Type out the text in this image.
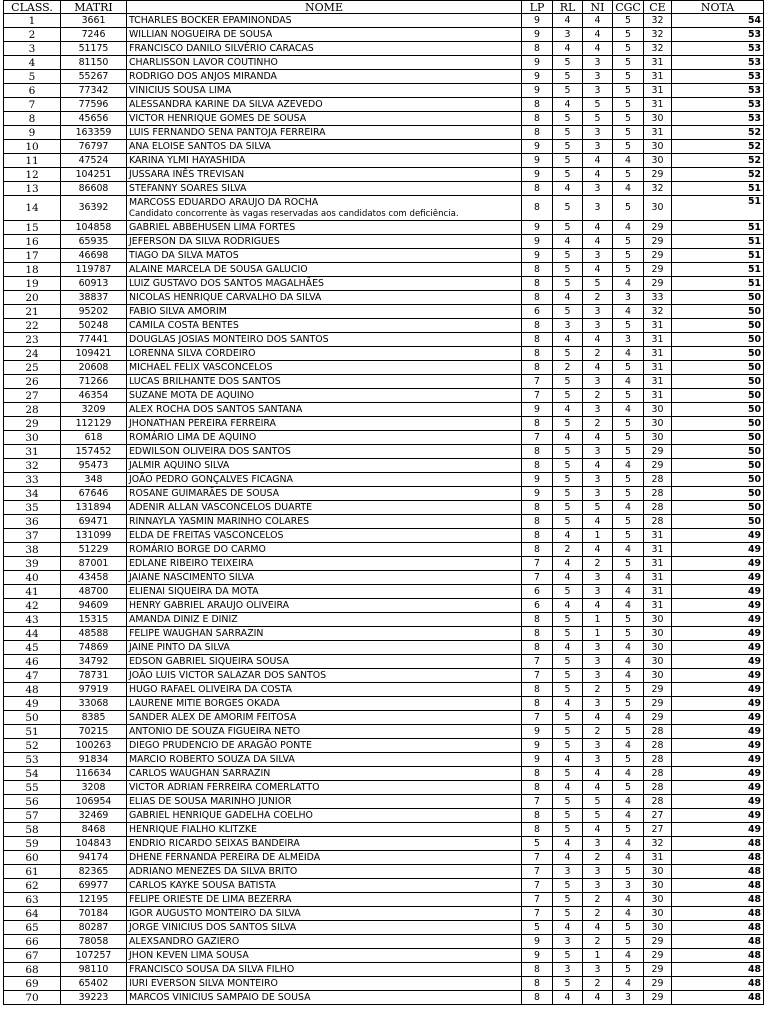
CLASS.	MATRI	NOME	LP	RL	NI	CGC	CE	NOTA
1	3661	TCHARLES BOCKER EPAMINONDAS	9	4	4	5	32	54
2	7246	WILLIAN NOGUEIRA DE SOUSA	9	3	4	5	32	53
3	51175	FRANCISCO DANILO SILVÉRIO CARACAS	8	4	4	5	32	53
4	81150	CHARLISSON LAVOR COUTINHO	9	5	3	5	31	53
5	55267	RODRIGO DOS ANJOS MIRANDA	9	5	3	5	31	53
6	77342	VINICIUS SOUSA LIMA	9	5	3	5	31	53
7	77596	ALESSANDRA KARINE DA SILVA AZEVEDO	8	4	5	5	31	53
8	45656	VICTOR HENRIQUE GOMES DE SOUSA	8	5	5	5	30	53
9	163359	LUIS FERNANDO SENA PANTOJA FERREIRA	8	5	3	5	31	52
10	76797	ANA ELOISE SANTOS DA SILVA	9	5	3	5	30	52
11	47524	KARINA YLMI HAYASHIDA	9	5	4	4	30	52
12	104251	JUSSARA INÊS TREVISAN	9	5	4	5	29	52
13	86608	STEFANNY SOARES SILVA	8	4	3	4	32	51
14	36392	MARCOSS EDUARDO ARAUJO DA ROCHA
Candidato concorrente às vagas reservadas aos candidatos com deficiência.	8	5	3	5	30	51
15	104858	GABRIEL ABBEHUSEN LIMA FORTES	9	5	4	4	29	51
16	65935	JEFERSON DA SILVA RODRIGUES	9	4	4	5	29	51
17	46698	TIAGO DA SILVA MATOS	9	5	3	5	29	51
18	119787	ALAINE MARCELA DE SOUSA GALUCIO	8	5	4	5	29	51
19	60913	LUIZ GUSTAVO DOS SANTOS MAGALHÃES	8	5	5	4	29	51
20	38837	NICOLAS HENRIQUE CARVALHO DA SILVA	8	4	2	3	33	50
21	95202	FABIO SILVA AMORIM	6	5	3	4	32	50
22	50248	CAMILA COSTA BENTES	8	3	3	5	31	50
23	77441	DOUGLAS JOSIAS MONTEIRO DOS SANTOS	8	4	4	3	31	50
24	109421	LORENNA SILVA CORDEIRO	8	5	2	4	31	50
25	20608	MICHAEL FELIX VASCONCELOS	8	2	4	5	31	50
26	71266	LUCAS BRILHANTE DOS SANTOS	7	5	3	4	31	50
27	46354	SUZANE MOTA DE AQUINO	7	5	2	5	31	50
28	3209	ALEX ROCHA DOS SANTOS SANTANA	9	4	3	4	30	50
29	112129	JHONATHAN PEREIRA FERREIRA	8	5	2	5	30	50
30	618	ROMÁRIO LIMA DE AQUINO	7	4	4	5	30	50
31	157452	EDWILSON OLIVEIRA DOS SANTOS	8	5	3	5	29	50
32	95473	JALMIR AQUINO SILVA	8	5	4	4	29	50
33	348	JOÃO PEDRO GONÇALVES FICAGNA	9	5	3	5	28	50
34	67646	ROSANE GUIMARÃES DE SOUSA	9	5	3	5	28	50
35	131894	ADENIR ALLAN VASCONCELOS DUARTE	8	5	5	4	28	50
36	69471	RINNAYLA YASMIN MARINHO COLARES	8	5	4	5	28	50
37	131099	ELDA DE FREITAS VASCONCELOS	8	4	1	5	31	49
38	51229	ROMÁRIO BORGE DO CARMO	8	2	4	4	31	49
39	87001	EDLANE RIBEIRO TEIXEIRA	7	4	2	5	31	49
40	43458	JAIANE NASCIMENTO SILVA	7	4	3	4	31	49
41	48700	ELIENAI SIQUEIRA DA MOTA	6	5	3	4	31	49
42	94609	HENRY GABRIEL ARAUJO OLIVEIRA	6	4	4	4	31	49
43	15315	AMANDA DINIZ E DINIZ	8	5	1	5	30	49
44	48588	FELIPE WAUGHAN SARRAZIN	8	5	1	5	30	49
45	74869	JAINE PINTO DA SILVA	8	4	3	4	30	49
46	34792	EDSON GABRIEL SIQUEIRA SOUSA	7	5	3	4	30	49
47	78731	JOÃO LUIS VICTOR SALAZAR DOS SANTOS	7	5	3	4	30	49
48	97919	HUGO RAFAEL OLIVEIRA DA COSTA	8	5	2	5	29	49
49	33068	LAURENE MITIE BORGES OKADA	8	4	3	5	29	49
50	8385	SANDER ALEX DE AMORIM FEITOSA	7	5	4	4	29	49
51	70215	ANTONIO DE SOUZA FIGUEIRA NETO	9	5	2	5	28	49
52	100263	DIEGO PRUDENCIO DE ARAGÃO PONTE	9	5	3	4	28	49
53	91834	MARCIO ROBERTO SOUZA DA SILVA	9	4	3	5	28	49
54	116634	CARLOS WAUGHAN SARRAZIN	8	5	4	4	28	49
55	3208	VICTOR ADRIAN FERREIRA COMERLATTO	8	4	4	5	28	49
56	106954	ELIAS DE SOUSA MARINHO JUNIOR	7	5	5	4	28	49
57	32469	GABRIEL HENRIQUE GADELHA COELHO	8	5	5	4	27	49
58	8468	HENRIQUE FIALHO KLITZKE	8	5	4	5	27	49
59	104843	ENDRIO RICARDO SEIXAS BANDEIRA	5	4	3	4	32	48
60	94174	DHENE FERNANDA PEREIRA DE ALMEIDA	7	4	2	4	31	48
61	82365	ADRIANO MENEZES DA SILVA BRITO	7	3	3	5	30	48
62	69977	CARLOS KAYKE SOUSA BATISTA	7	5	3	3	30	48
63	12195	FELIPE ORIESTE DE LIMA BEZERRA	7	5	2	4	30	48
64	70184	IGOR AUGUSTO MONTEIRO DA SILVA	7	5	2	4	30	48
65	80287	JORGE VINICIUS DOS SANTOS SILVA	5	4	4	5	30	48
66	78058	ALEXSANDRO GAZIERO	9	3	2	5	29	48
67	107257	JHON KEVEN LIMA SOUSA	9	5	1	4	29	48
68	98110	FRANCISCO SOUSA DA SILVA FILHO	8	3	3	5	29	48
69	65402	IURI EVERSON SILVA MONTEIRO	8	5	2	4	29	48
70	39223	MARCOS VINICIUS SAMPAIO DE SOUSA	8	4	4	3	29	48
